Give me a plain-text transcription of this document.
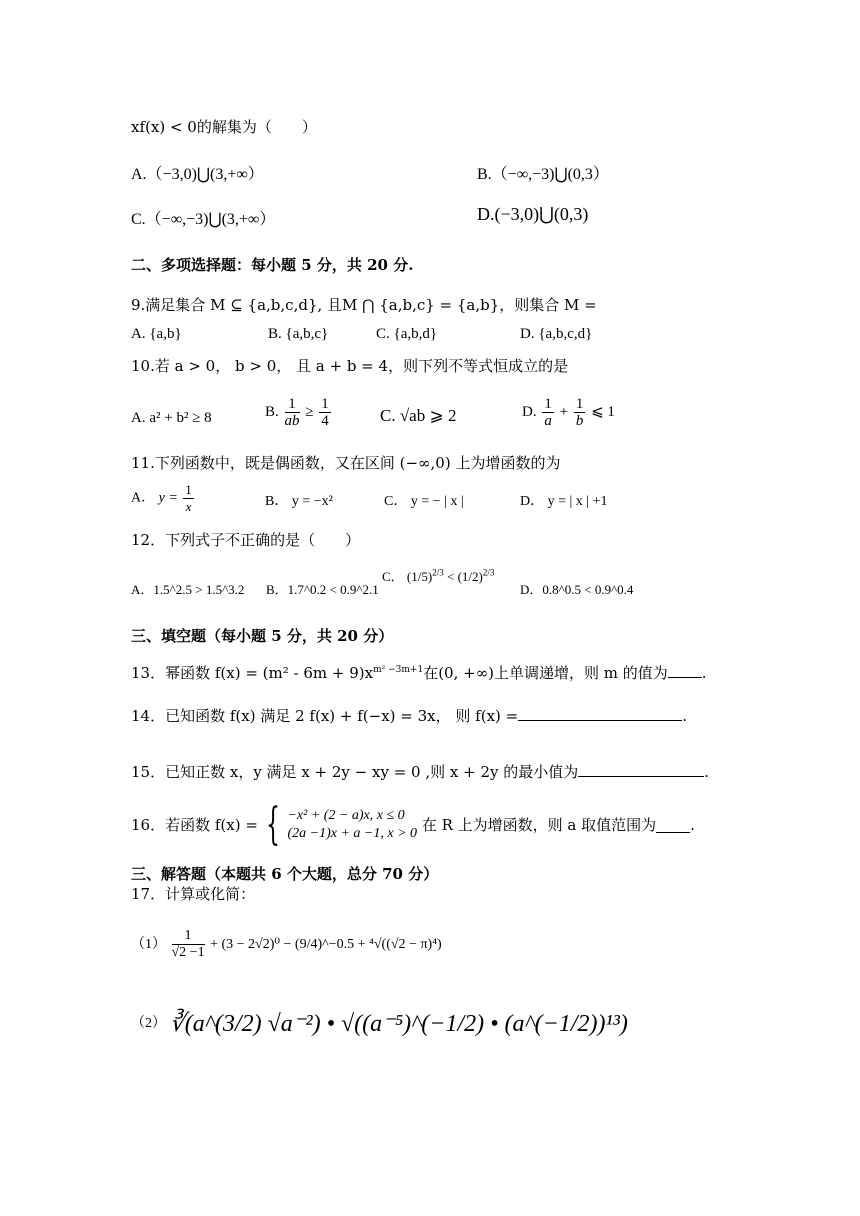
xf(x) < 0的解集为（　　）
A.（−3,0)⋃(3,+∞）	B.（−∞,−3)⋃(0,3）
C.（−∞,−3)⋃(3,+∞）	D.(−3,0)⋃(0,3)
二、多项选择题：每小题 5 分，共 20 分.
9.满足集合 M ⊆ {a,b,c,d}, 且M ⋂ {a,b,c} = {a,b}，则集合 M =
A. {a,b}	B. {a,b,c}	C. {a,b,d}	D. {a,b,c,d}
10.若 a > 0， b > 0， 且 a + b = 4，则下列不等式恒成立的是
A. a² + b² ≥ 8	B. $\frac{1}{ab} \ge \frac{1}{4}$	C. √ab ⩾ 2	D. $\frac{1}{a} + \frac{1}{b}$ ⩽ 1
11.下列函数中，既是偶函数，又在区间 (−∞,0) 上为增函数的为
A． $y = \frac{1}{x}$	B． y = −x²	C． y = − | x |	D． y = | x | +1
12．下列式子不正确的是（　　）
A．1.5^2.5 > 1.5^3.2 B．1.7^0.2 < 0.9^2.1
C． $(1/5)^{2/3} < (1/2)^{2/3}$
D．0.8^0.5 < 0.9^0.4
三、填空题（每小题 5 分，共 20 分）
13．幂函数 $f(x) = (m^2 - 6m + 9)x^{m^2 -3m+1}$在(0, +∞)上单调递增，则 m 的值为 .
14．已知函数 f(x) 满足 2 f(x) + f(−x) = 3x， 则 f(x) =	.
15．已知正数 x，y 满足 x + 2y − xy = 0 ,则 x + 2y 的最小值为	.
16．若函数 f(x) = { −x² + (2 − a)x, x ≤ 0
(2a −1)x + a −1, x > 0 在 R 上为增函数，则 a 取值范围为 .
三、解答题（本题共 6 个大题，总分 70 分）
17．计算或化简：
$(1) \frac{1}{√2 -1} + (3 - 2√2)^0$ − (9/4)^−0.5 + ⁴√((√2 − π)⁴)
（2） ∛(a^(3/2) √a⁻²) • √((a⁻⁵)^(−1/2) • (a^(−1/2))¹³)
